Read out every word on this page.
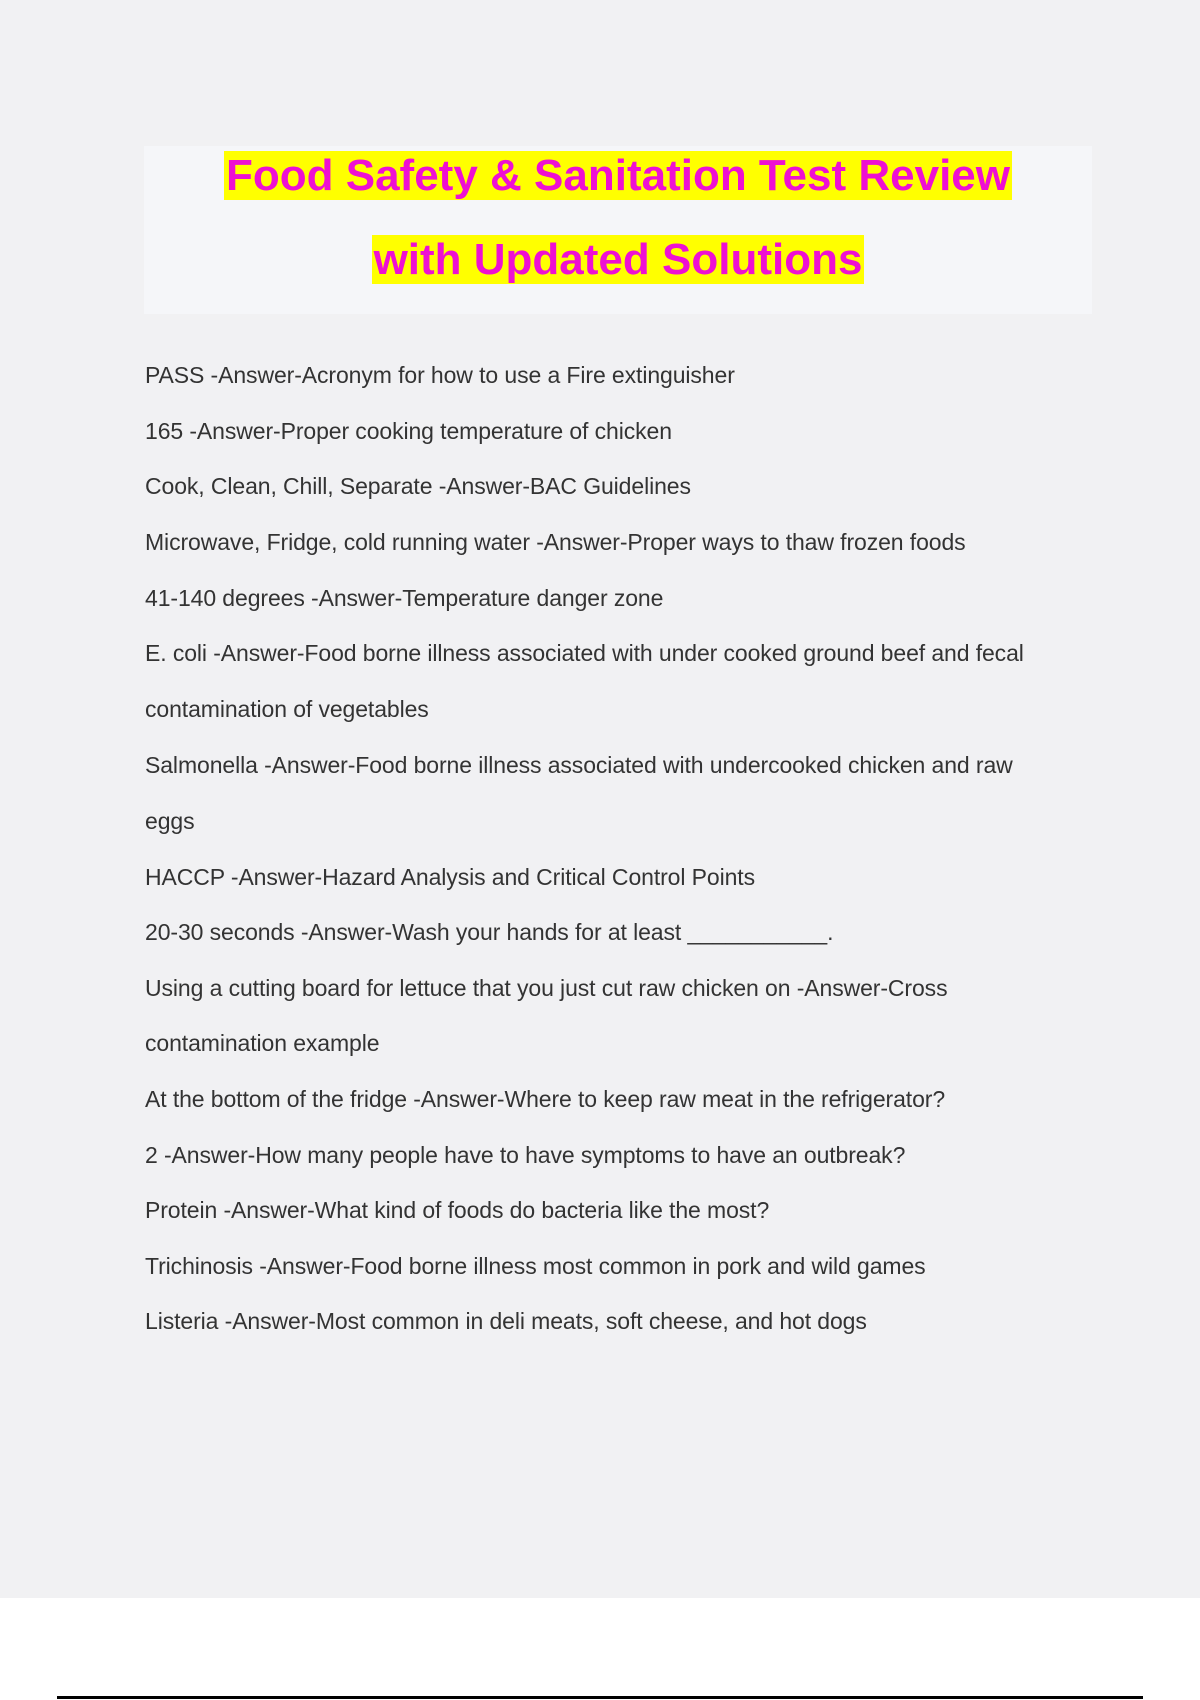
Food Safety & Sanitation Test Review
with Updated Solutions
PASS -Answer-Acronym for how to use a Fire extinguisher
165 -Answer-Proper cooking temperature of chicken
Cook, Clean, Chill, Separate -Answer-BAC Guidelines
Microwave, Fridge, cold running water -Answer-Proper ways to thaw frozen foods
41-140 degrees -Answer-Temperature danger zone
E. coli -Answer-Food borne illness associated with under cooked ground beef and fecal
contamination of vegetables
Salmonella -Answer-Food borne illness associated with undercooked chicken and raw
eggs
HACCP -Answer-Hazard Analysis and Critical Control Points
20-30 seconds -Answer-Wash your hands for at least ___________.
Using a cutting board for lettuce that you just cut raw chicken on -Answer-Cross
contamination example
At the bottom of the fridge -Answer-Where to keep raw meat in the refrigerator?
2 -Answer-How many people have to have symptoms to have an outbreak?
Protein -Answer-What kind of foods do bacteria like the most?
Trichinosis -Answer-Food borne illness most common in pork and wild games
Listeria -Answer-Most common in deli meats, soft cheese, and hot dogs
